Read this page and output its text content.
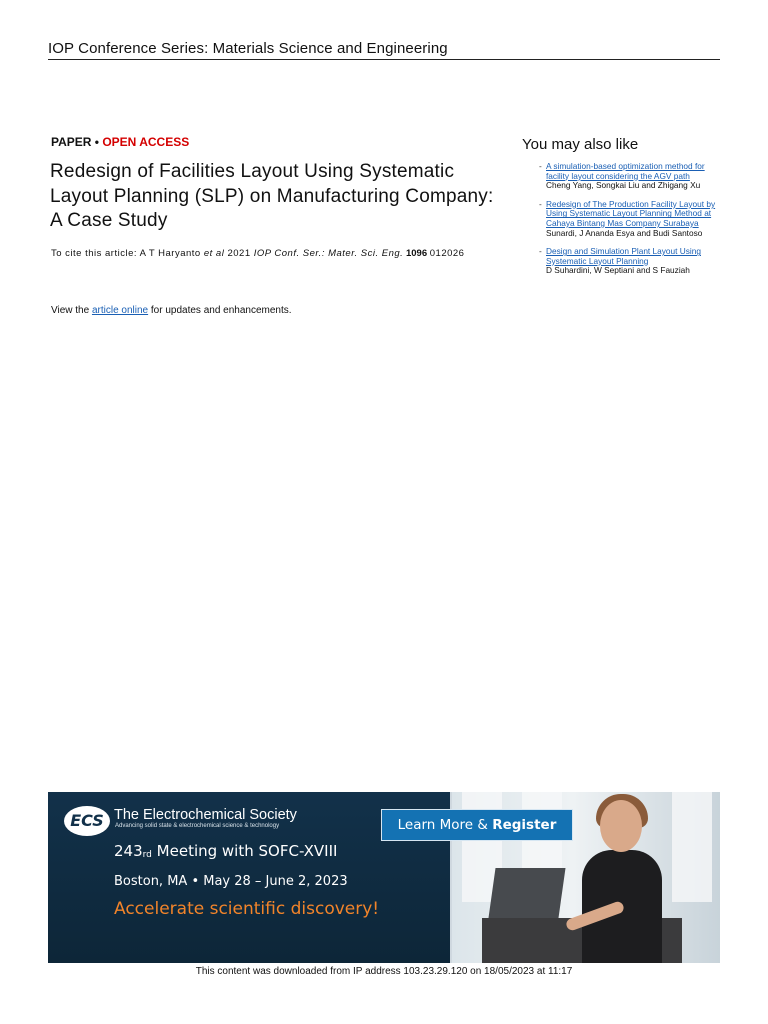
IOP Conference Series: Materials Science and Engineering
PAPER • OPEN ACCESS
Redesign of Facilities Layout Using Systematic Layout Planning (SLP) on Manufacturing Company: A Case Study
To cite this article: A T Haryanto et al 2021 IOP Conf. Ser.: Mater. Sci. Eng. 1096 012026
View the article online for updates and enhancements.
You may also like
- A simulation-based optimization method for facility layout considering the AGV path
Cheng Yang, Songkai Liu and Zhigang Xu
- Redesign of The Production Facility Layout by Using Systematic Layout Planning Method at Cahaya Bintang Mas Company Surabaya
Sunardi, J Ananda Esya and Budi Santoso
- Design and Simulation Plant Layout Using Systematic Layout Planning
D Suhardini, W Septiani and S Fauziah
ECS The Electrochemical Society
Advancing solid state & electrochemical science & technology
243rd Meeting with SOFC-XVIII
Boston, MA • May 28 – June 2, 2023
Accelerate scientific discovery!
Learn More & Register
This content was downloaded from IP address 103.23.29.120 on 18/05/2023 at 11:17
